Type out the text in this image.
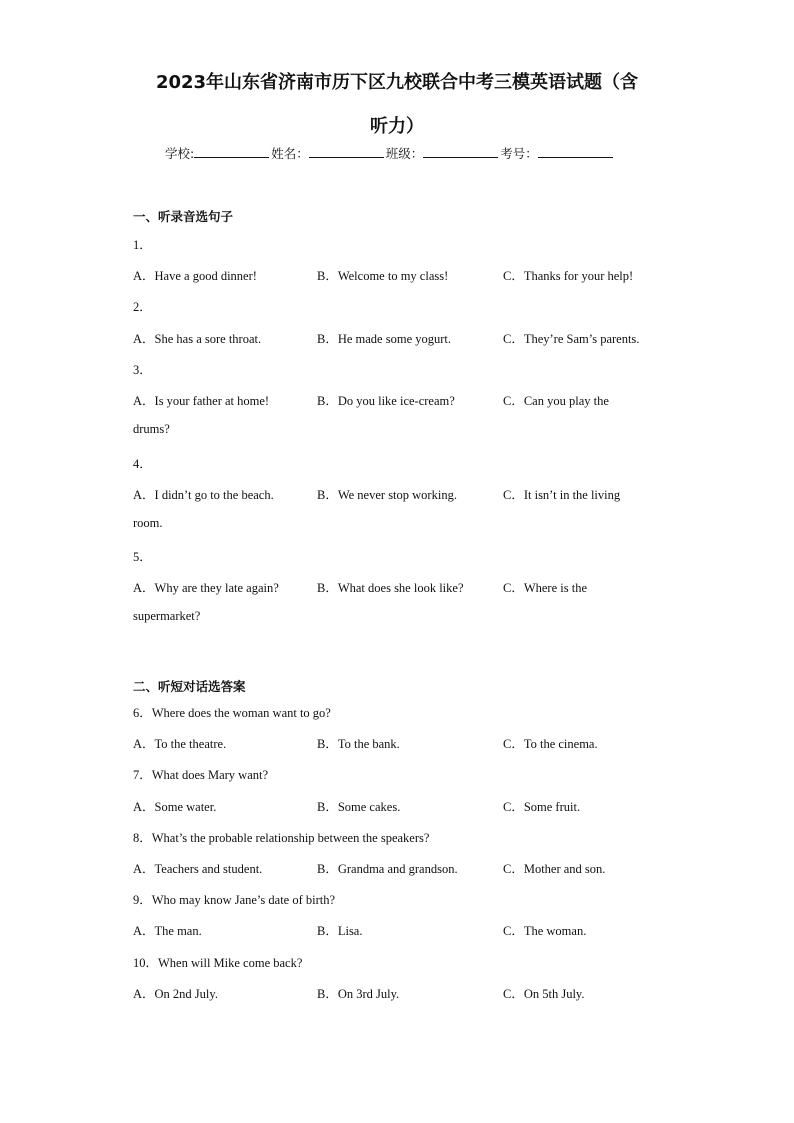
2023年山东省济南市历下区九校联合中考三模英语试题（含
听力）
学校:	姓名：	班级：	考号：
一、听录音选句子
1．
A．Have a good dinner!	B．Welcome to my class!	C．Thanks for your help!
2．
A．She has a sore throat.	B．He made some yogurt.	C．They’re Sam’s parents.
3．
A．Is your father at home!	B．Do you like ice-cream?	C．Can you play the
drums?
4．
A．I didn’t go to the beach.	B．We never stop working.	C．It isn’t in the living
room.
5．
A．Why are they late again?	B．What does she look like?	C．Where is the
supermarket?
二、听短对话选答案
6．Where does the woman want to go?
A．To the theatre.	B．To the bank.	C．To the cinema.
7．What does Mary want?
A．Some water.	B．Some cakes.	C．Some fruit.
8．What’s the probable relationship between the speakers?
A．Teachers and student.	B．Grandma and grandson.	C．Mother and son.
9．Who may know Jane’s date of birth?
A．The man.	B．Lisa.	C．The woman.
10．When will Mike come back?
A．On 2nd July.	B．On 3rd July.	C．On 5th July.
